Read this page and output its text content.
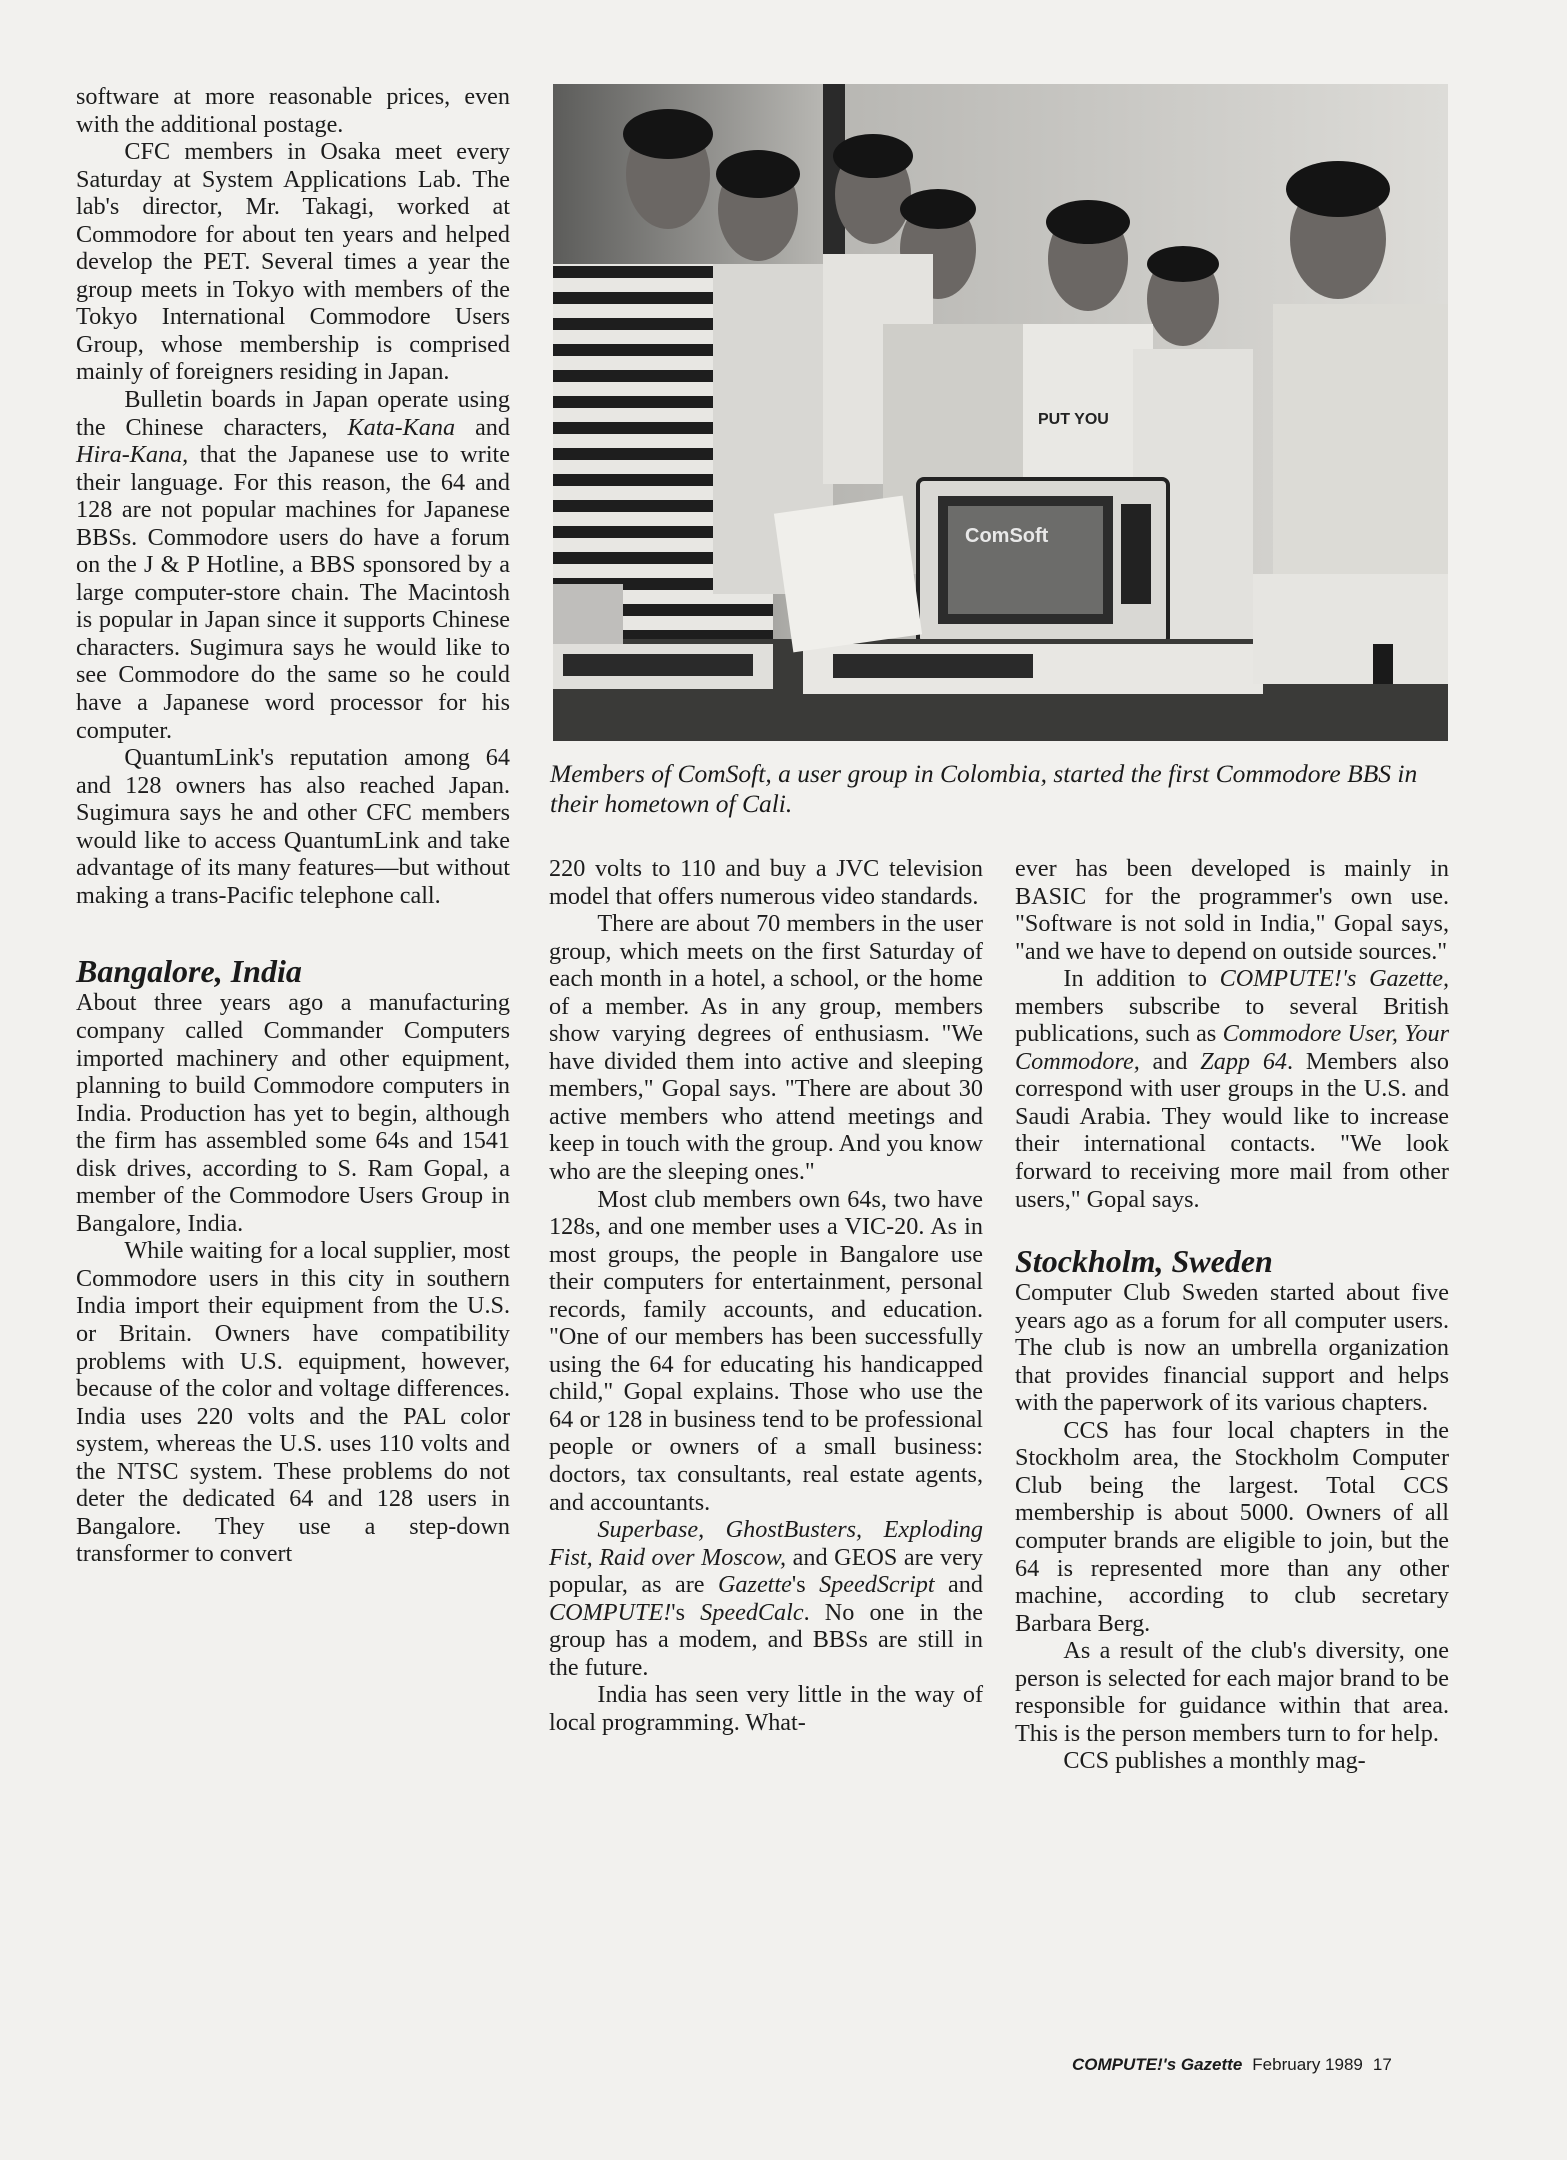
software at more reasonable prices, even with the additional postage.

CFC members in Osaka meet every Saturday at System Applications Lab. The lab's director, Mr. Takagi, worked at Commodore for about ten years and helped develop the PET. Several times a year the group meets in Tokyo with members of the Tokyo International Commodore Users Group, whose membership is comprised mainly of foreigners residing in Japan.

Bulletin boards in Japan operate using the Chinese characters, Kata-Kana and Hira-Kana, that the Japanese use to write their language. For this reason, the 64 and 128 are not popular machines for Japanese BBSs. Commodore users do have a forum on the J & P Hotline, a BBS sponsored by a large computer-store chain. The Macintosh is popular in Japan since it supports Chinese characters. Sugimura says he would like to see Commodore do the same so he could have a Japanese word processor for his computer.

QuantumLink's reputation among 64 and 128 owners has also reached Japan. Sugimura says he and other CFC members would like to access QuantumLink and take advantage of its many features—but without making a trans-Pacific telephone call.

Bangalore, India

About three years ago a manufacturing company called Commander Computers imported machinery and other equipment, planning to build Commodore computers in India. Production has yet to begin, although the firm has assembled some 64s and 1541 disk drives, according to S. Ram Gopal, a member of the Commodore Users Group in Bangalore, India.

While waiting for a local supplier, most Commodore users in this city in southern India import their equipment from the U.S. or Britain. Owners have compatibility problems with U.S. equipment, however, because of the color and voltage differences. India uses 220 volts and the PAL color system, whereas the U.S. uses 110 volts and the NTSC system. These problems do not deter the dedicated 64 and 128 users in Bangalore. They use a step-down transformer to convert

PUT YOU
ComSoft
Members of ComSoft, a user group in Colombia, started the first Commodore BBS in their hometown of Cali.

220 volts to 110 and buy a JVC television model that offers numerous video standards.

There are about 70 members in the user group, which meets on the first Saturday of each month in a hotel, a school, or the home of a member. As in any group, members show varying degrees of enthusiasm. "We have divided them into active and sleeping members," Gopal says. "There are about 30 active members who attend meetings and keep in touch with the group. And you know who are the sleeping ones."

Most club members own 64s, two have 128s, and one member uses a VIC-20. As in most groups, the people in Bangalore use their computers for entertainment, personal records, family accounts, and education. "One of our members has been successfully using the 64 for educating his handicapped child," Gopal explains. Those who use the 64 or 128 in business tend to be professional people or owners of a small business: doctors, tax consultants, real estate agents, and accountants.

Superbase, GhostBusters, Exploding Fist, Raid over Moscow, and GEOS are very popular, as are Gazette's SpeedScript and COMPUTE!'s SpeedCalc. No one in the group has a modem, and BBSs are still in the future.

India has seen very little in the way of local programming. What-

ever has been developed is mainly in BASIC for the programmer's own use. "Software is not sold in India," Gopal says, "and we have to depend on outside sources."

In addition to COMPUTE!'s Gazette, members subscribe to several British publications, such as Commodore User, Your Commodore, and Zapp 64. Members also correspond with user groups in the U.S. and Saudi Arabia. They would like to increase their international contacts. "We look forward to receiving more mail from other users," Gopal says.

Stockholm, Sweden

Computer Club Sweden started about five years ago as a forum for all computer users. The club is now an umbrella organization that provides financial support and helps with the paperwork of its various chapters.

CCS has four local chapters in the Stockholm area, the Stockholm Computer Club being the largest. Total CCS membership is about 5000. Owners of all computer brands are eligible to join, but the 64 is represented more than any other machine, according to club secretary Barbara Berg.

As a result of the club's diversity, one person is selected for each major brand to be responsible for guidance within that area. This is the person members turn to for help.

CCS publishes a monthly mag-

COMPUTE!'s Gazette February 1989 17
